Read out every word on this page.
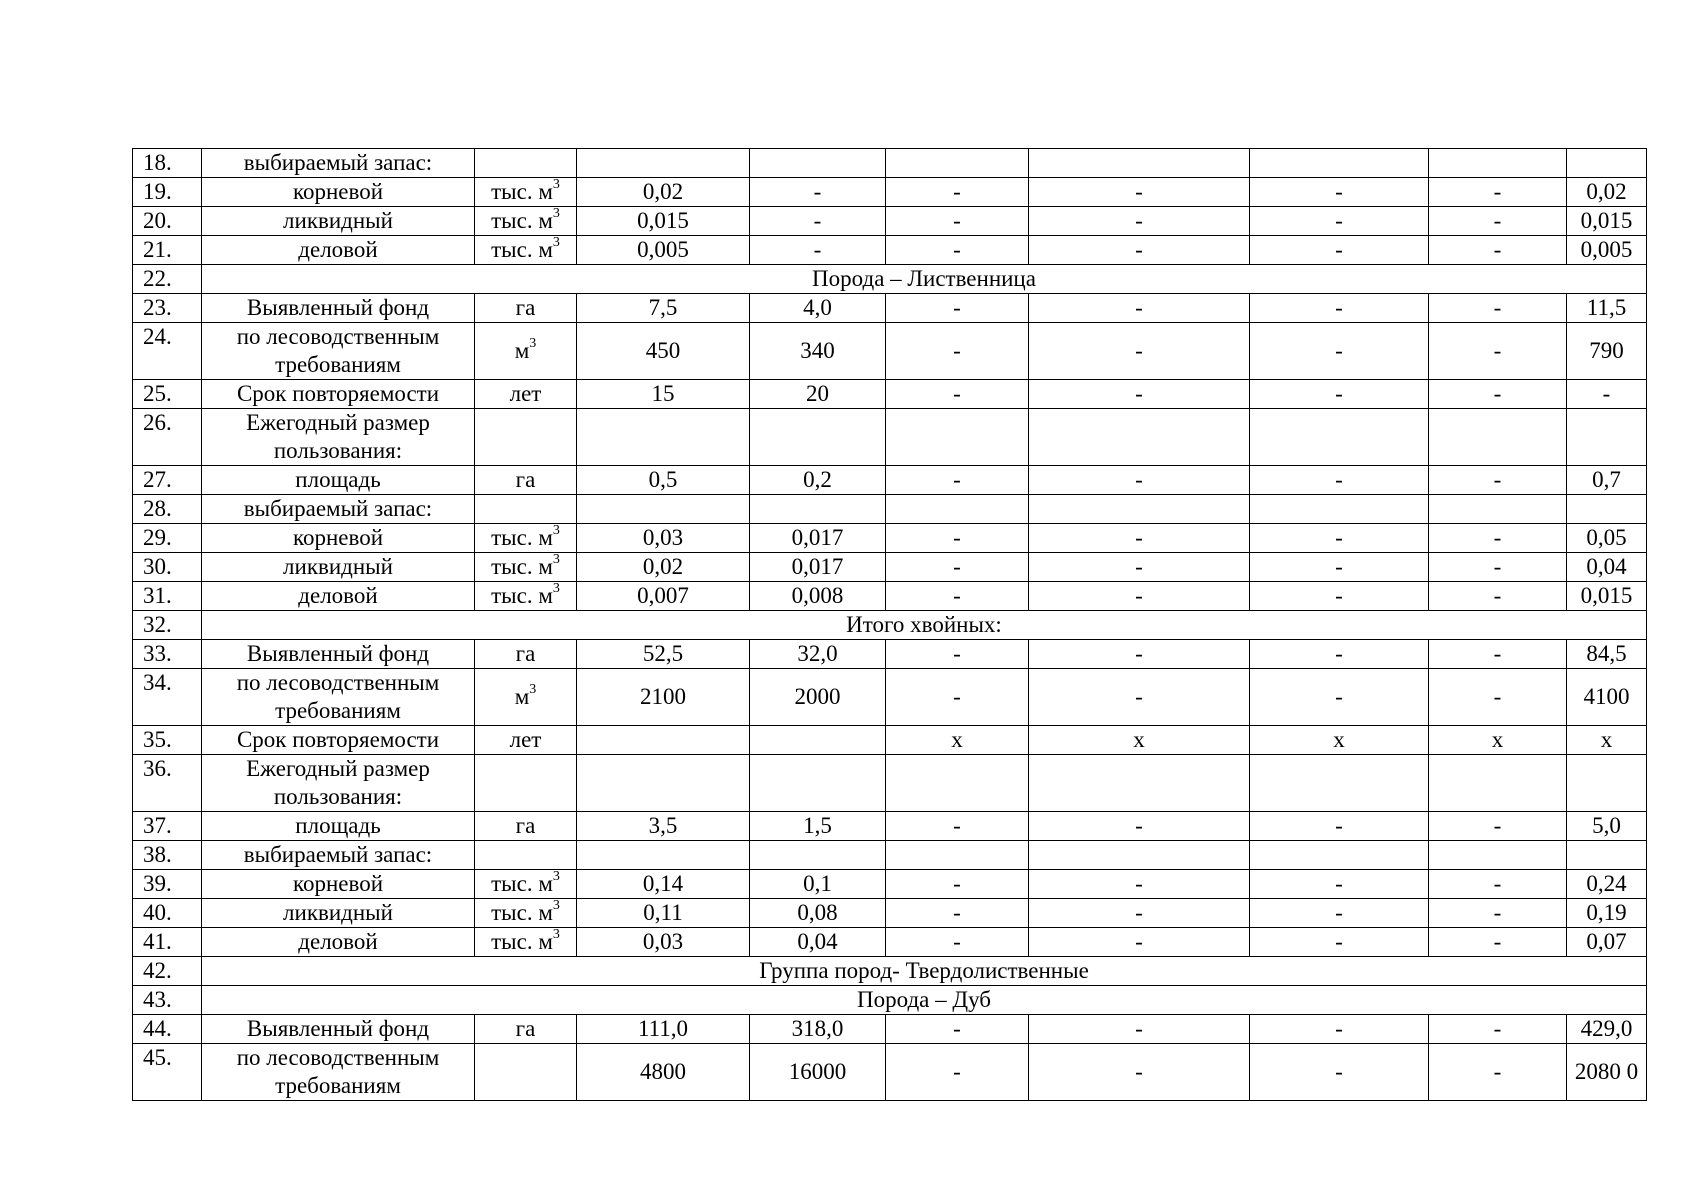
18.	выбираемый запас:								
19.	корневой	тыс. $м^3$	0,02	-	-	-	-	-	0,02
20.	ликвидный	тыс. $м^3$	0,015	-	-	-	-	-	0,015
21.	деловой	тыс. $м^3$	0,005	-	-	-	-	-	0,005
22.	Порода – Лиственница								
23.	Выявленный фонд	га	7,5	4,0	-	-	-	-	11,5
24.	по лесоводственным требованиям	$м^3$	450	340	-	-	-	-	790
25.	Срок повторяемости	лет	15	20	-	-	-	-	-
26.	Ежегодный размер пользования:								
27.	площадь	га	0,5	0,2	-	-	-	-	0,7
28.	выбираемый запас:								
29.	корневой	тыс. $м^3$	0,03	0,017	-	-	-	-	0,05
30.	ликвидный	тыс. $м^3$	0,02	0,017	-	-	-	-	0,04
31.	деловой	тыс. $м^3$	0,007	0,008	-	-	-	-	0,015
32.	Итого хвойных:								
33.	Выявленный фонд	га	52,5	32,0	-	-	-	-	84,5
34.	по лесоводственным требованиям	$м^3$	2100	2000	-	-	-	-	4100
35.	Срок повторяемости	лет			х	х	х	х	х
36.	Ежегодный размер пользования:								
37.	площадь	га	3,5	1,5	-	-	-	-	5,0
38.	выбираемый запас:								
39.	корневой	тыс. $м^3$	0,14	0,1	-	-	-	-	0,24
40.	ликвидный	тыс. $м^3$	0,11	0,08	-	-	-	-	0,19
41.	деловой	тыс. $м^3$	0,03	0,04	-	-	-	-	0,07
42.	Группа пород- Твердолиственные								
43.	Порода – Дуб								
44.	Выявленный фонд	га	111,0	318,0	-	-	-	-	429,0
45.	по лесоводственным требованиям		4800	16000	-	-	-	-	2080 0
